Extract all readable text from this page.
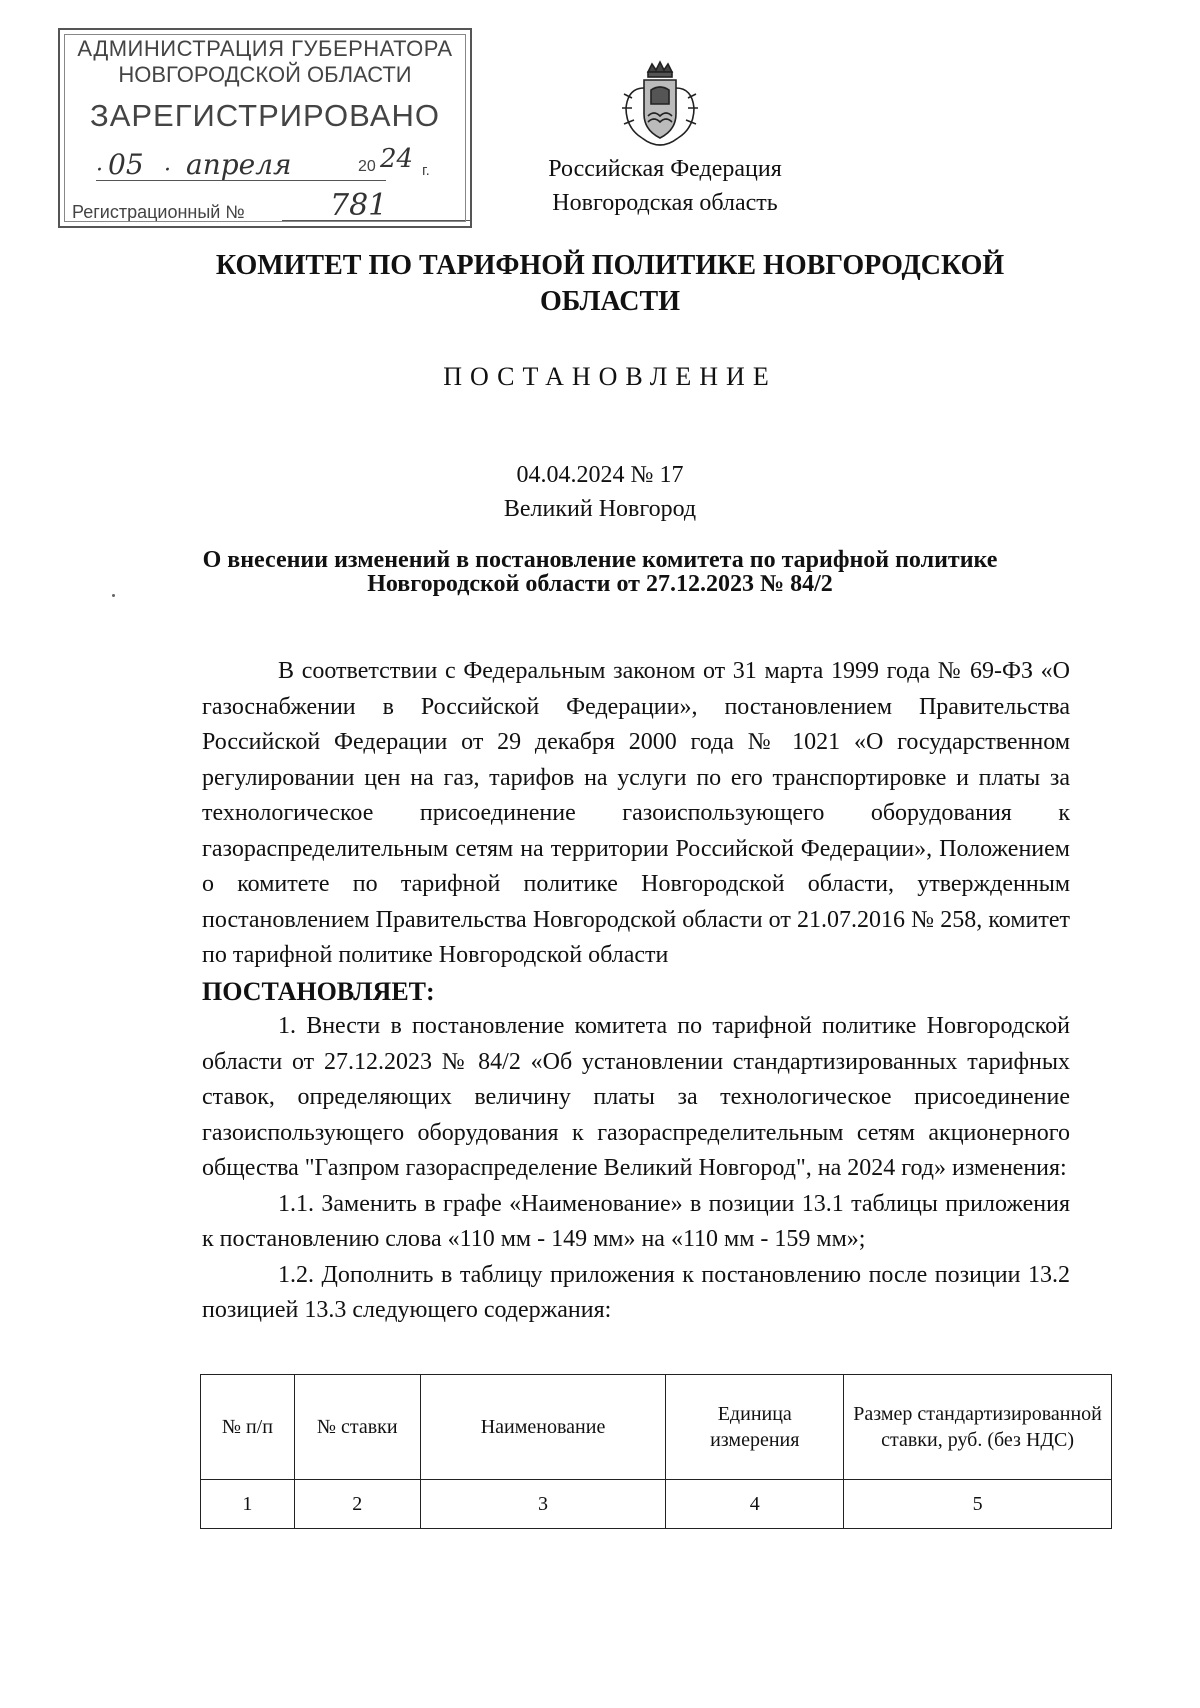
АДМИНИСТРАЦИЯ ГУБЕРНАТОРА
НОВГОРОДСКОЙ ОБЛАСТИ
ЗАРЕГИСТРИРОВАНО
· 05 · апреля	20 24 г.
Регистрационный №	781
Российская Федерация
Новгородская область
КОМИТЕТ ПО ТАРИФНОЙ ПОЛИТИКЕ НОВГОРОДСКОЙ
ОБЛАСТИ
ПОСТАНОВЛЕНИЕ
04.04.2024 № 17
Великий Новгород
О внесении изменений в постановление комитета по тарифной политике
Новгородской области от 27.12.2023 № 84/2

В соответствии с Федеральным законом от 31 марта 1999 года № 69-ФЗ «О газоснабжении в Российской Федерации», постановлением Правительства Российской Федерации от 29 декабря 2000 года № 1021 «О государственном регулировании цен на газ, тарифов на услуги по его транспортировке и платы за технологическое присоединение газоиспользующего оборудования к газораспределительным сетям на территории Российской Федерации», Положением о комитете по тарифной политике Новгородской области, утвержденным постановлением Правительства Новгородской области от 21.07.2016 № 258, комитет по тарифной политике Новгородской области

ПОСТАНОВЛЯЕТ:

1. Внести в постановление комитета по тарифной политике Новгородской области от 27.12.2023 № 84/2 «Об установлении стандартизированных тарифных ставок, определяющих величину платы за технологическое присоединение газоиспользующего оборудования к газораспределительным сетям акционерного общества "Газпром газораспределение Великий Новгород", на 2024 год» изменения:

1.1. Заменить в графе «Наименование» в позиции 13.1 таблицы приложения к постановлению слова «110 мм - 149 мм» на «110 мм - 159 мм»;

1.2. Дополнить в таблицу приложения к постановлению после позиции 13.2 позицией 13.3 следующего содержания:

№ п/п	№ ставки	Наименование	Единица измерения	Размер стандартизированной ставки, руб. (без НДС)
1	2	3	4	5
